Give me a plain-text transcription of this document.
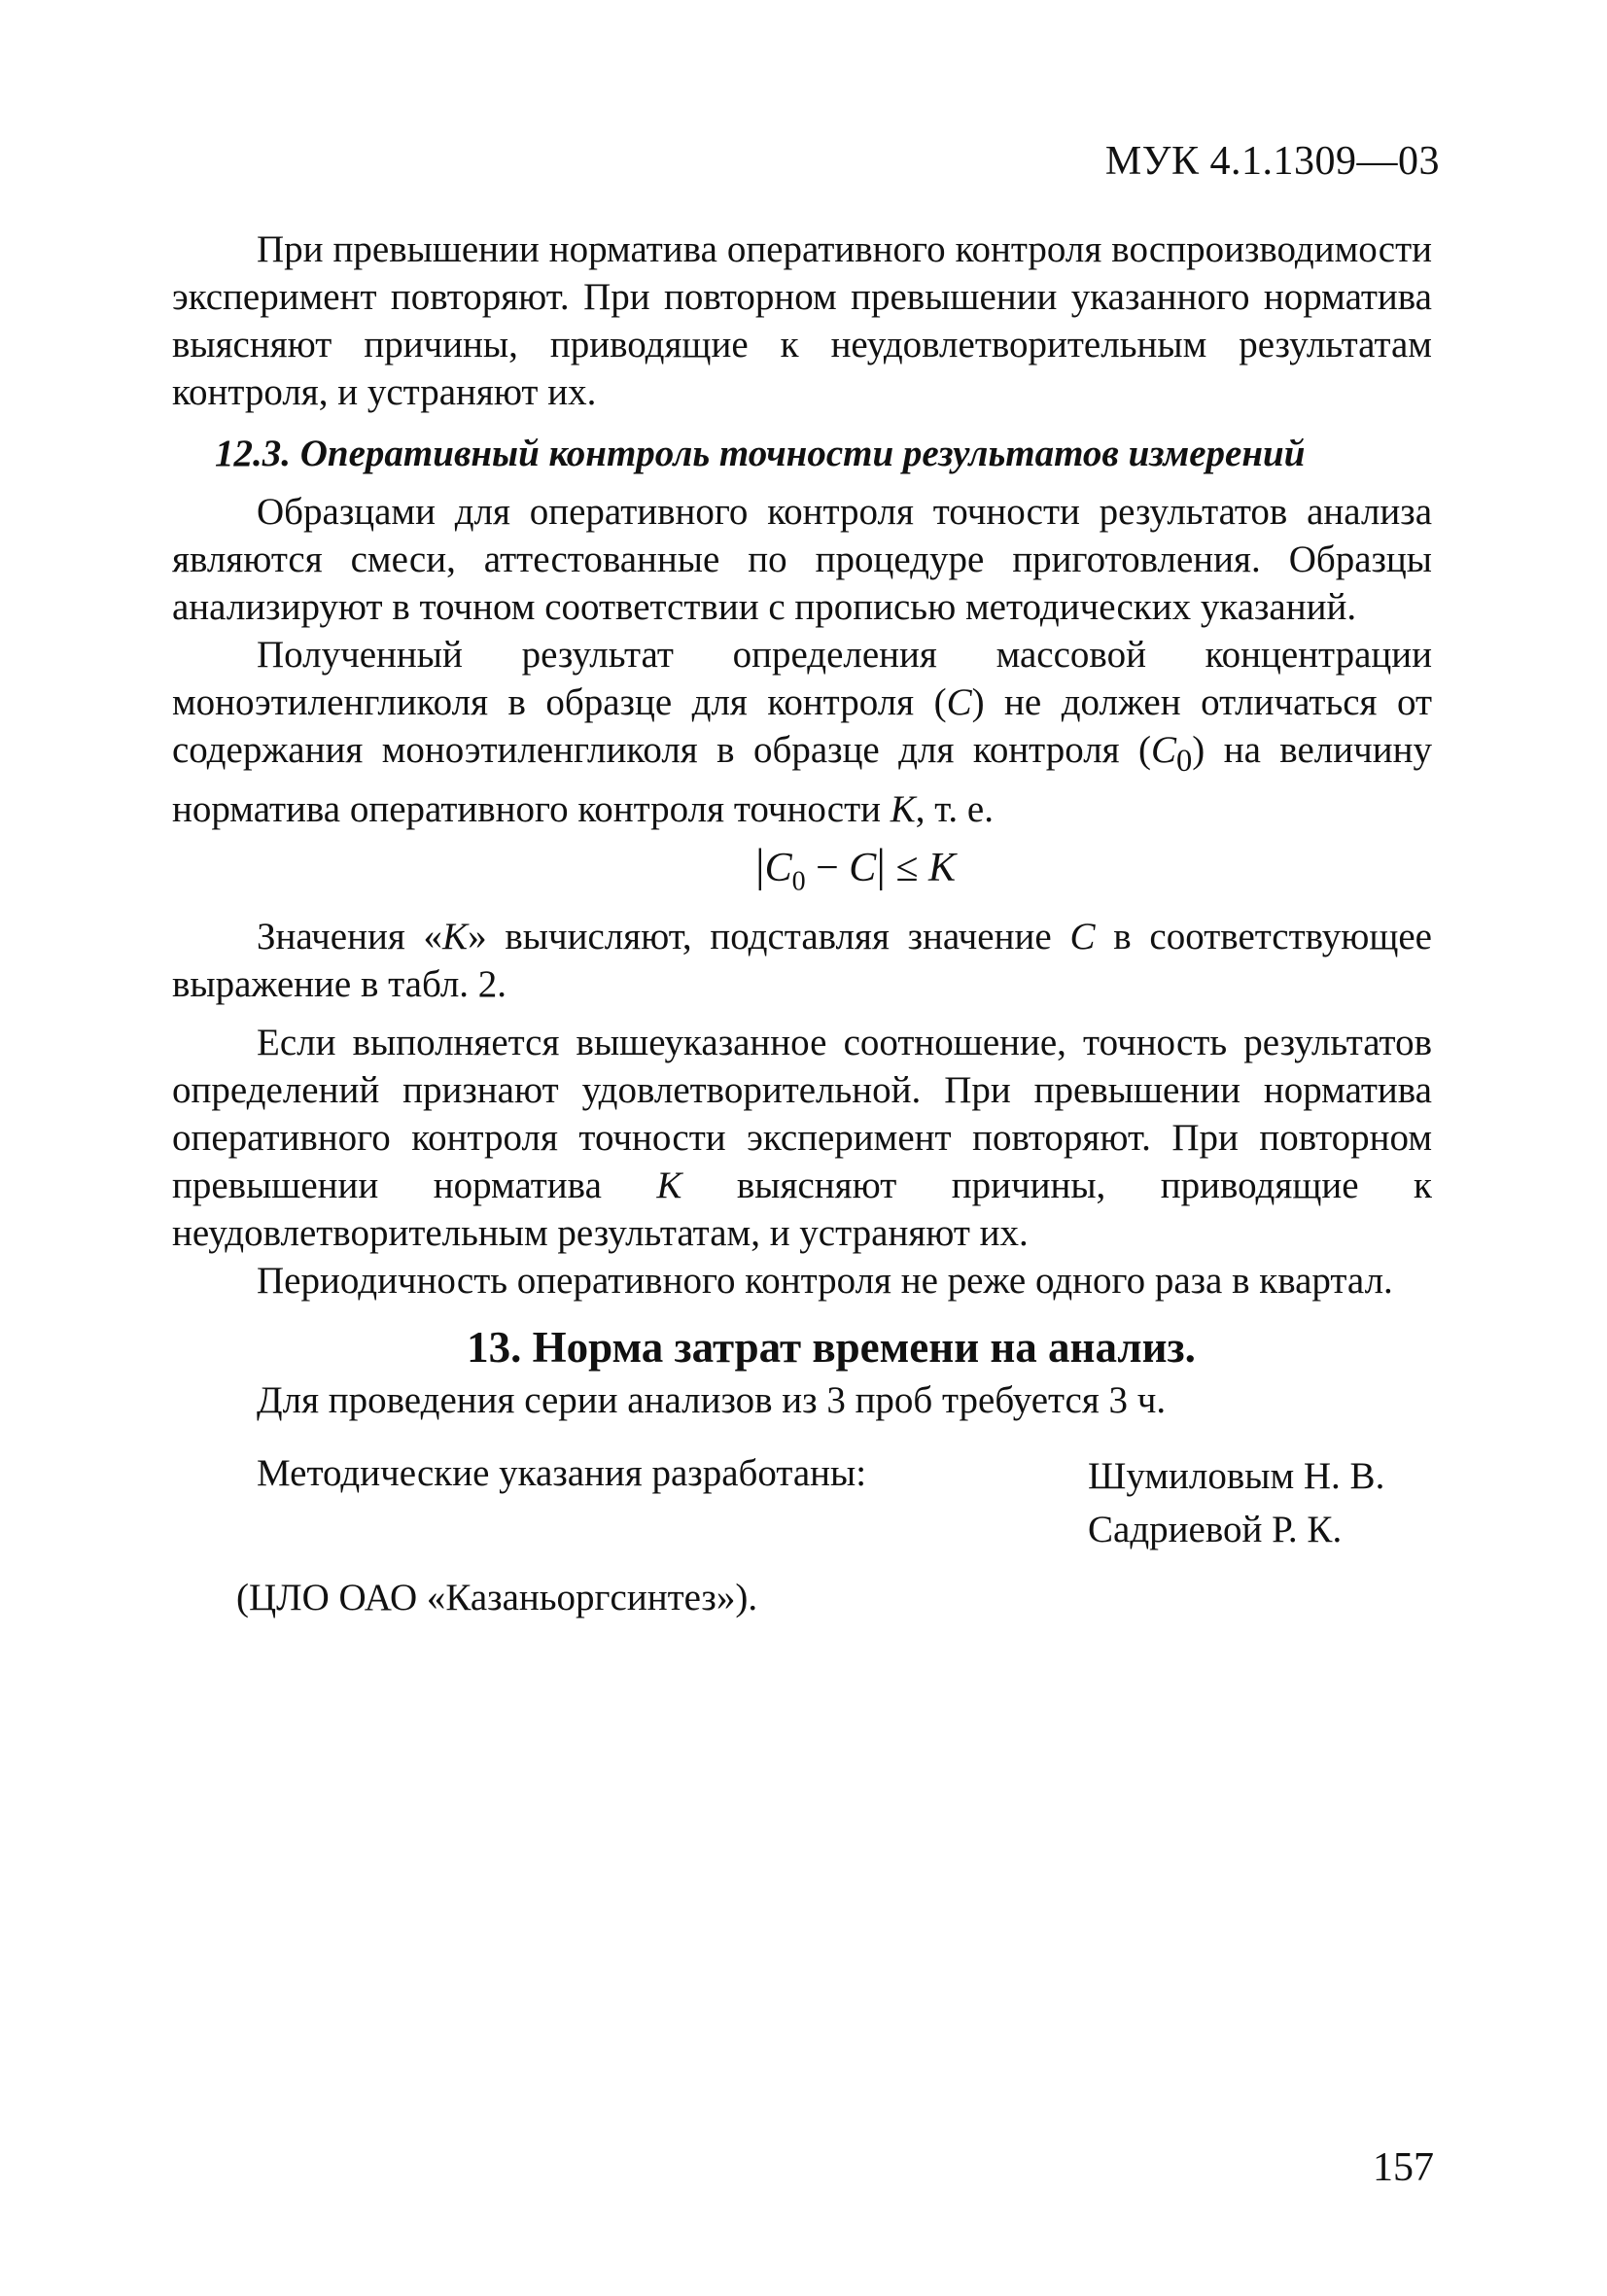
МУК 4.1.1309—03

При превышении норматива оперативного контроля воспроизводимости эксперимент повторяют. При повторном превышении указанного норматива выясняют причины, приводящие к неудовлетворительным результатам контроля, и устраняют их.

12.3. Оперативный контроль точности результатов измерений

Образцами для оперативного контроля точности результатов анализа являются смеси, аттестованные по процедуре приготовления. Образцы анализируют в точном соответствии с прописью методических указаний.

Полученный результат определения массовой концентрации моноэтиленгликоля в образце для контроля (C) не должен отличаться от содержания моноэтиленгликоля в образце для контроля $(C_0)$ на величину норматива оперативного контроля точности K, т. е.

$|C_0 - C| \le K$

Значения «K» вычисляют, подставляя значение C в соответствующее выражение в табл. 2.

Если выполняется вышеуказанное соотношение, точность результатов определений признают удовлетворительной. При превышении норматива оперативного контроля точности эксперимент повторяют. При повторном превышении норматива K выясняют причины, приводящие к неудовлетворительным результатам, и устраняют их.

Периодичность оперативного контроля не реже одного раза в квартал.

13. Норма затрат времени на анализ.

Для проведения серии анализов из 3 проб требуется 3 ч.

Методические указания разработаны:	Шумиловым Н. В.
Садриевой Р. К.

(ЦЛО ОАО «Казаньоргсинтез»).

157
